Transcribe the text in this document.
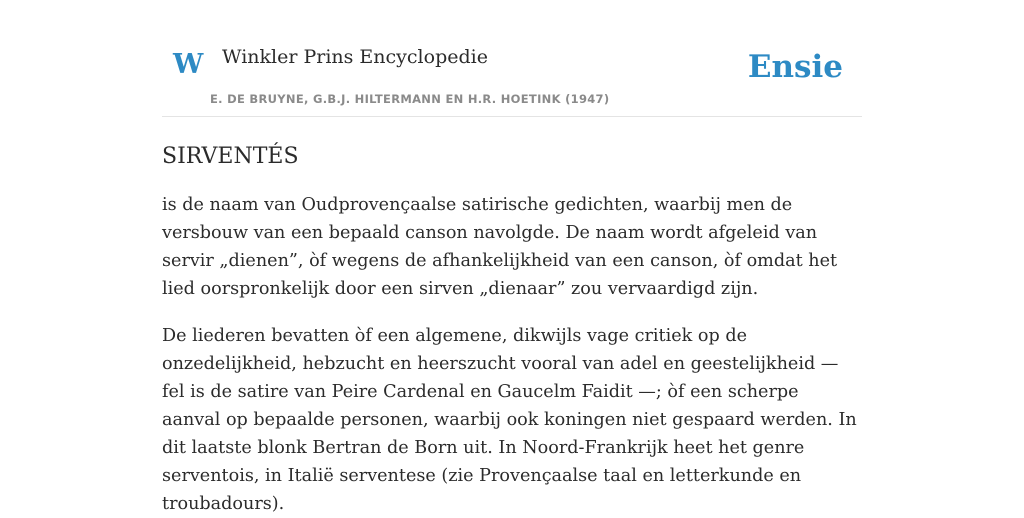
W Winkler Prins Encyclopedie	Ensie
E. DE BRUYNE, G.B.J. HILTERMANN EN H.R. HOETINK (1947)
SIRVENTÉS

is de naam van Oudprovençaalse satirische gedichten, waarbij men de versbouw van een bepaald canson navolgde. De naam wordt afgeleid van servir „dienen”, òf wegens de afhankelijkheid van een canson, òf omdat het lied oorspronkelijk door een sirven „dienaar” zou vervaardigd zijn.

De liederen bevatten òf een algemene, dikwijls vage critiek op de onzedelijkheid, hebzucht en heerszucht vooral van adel en geestelijkheid — fel is de satire van Peire Cardenal en Gaucelm Faidit —; òf een scherpe aanval op bepaalde personen, waarbij ook koningen niet gespaard werden. In dit laatste blonk Bertran de Born uit. In Noord-Frankrijk heet het genre serventois, in Italië serventese (zie Provençaalse taal en letterkunde en troubadours).
